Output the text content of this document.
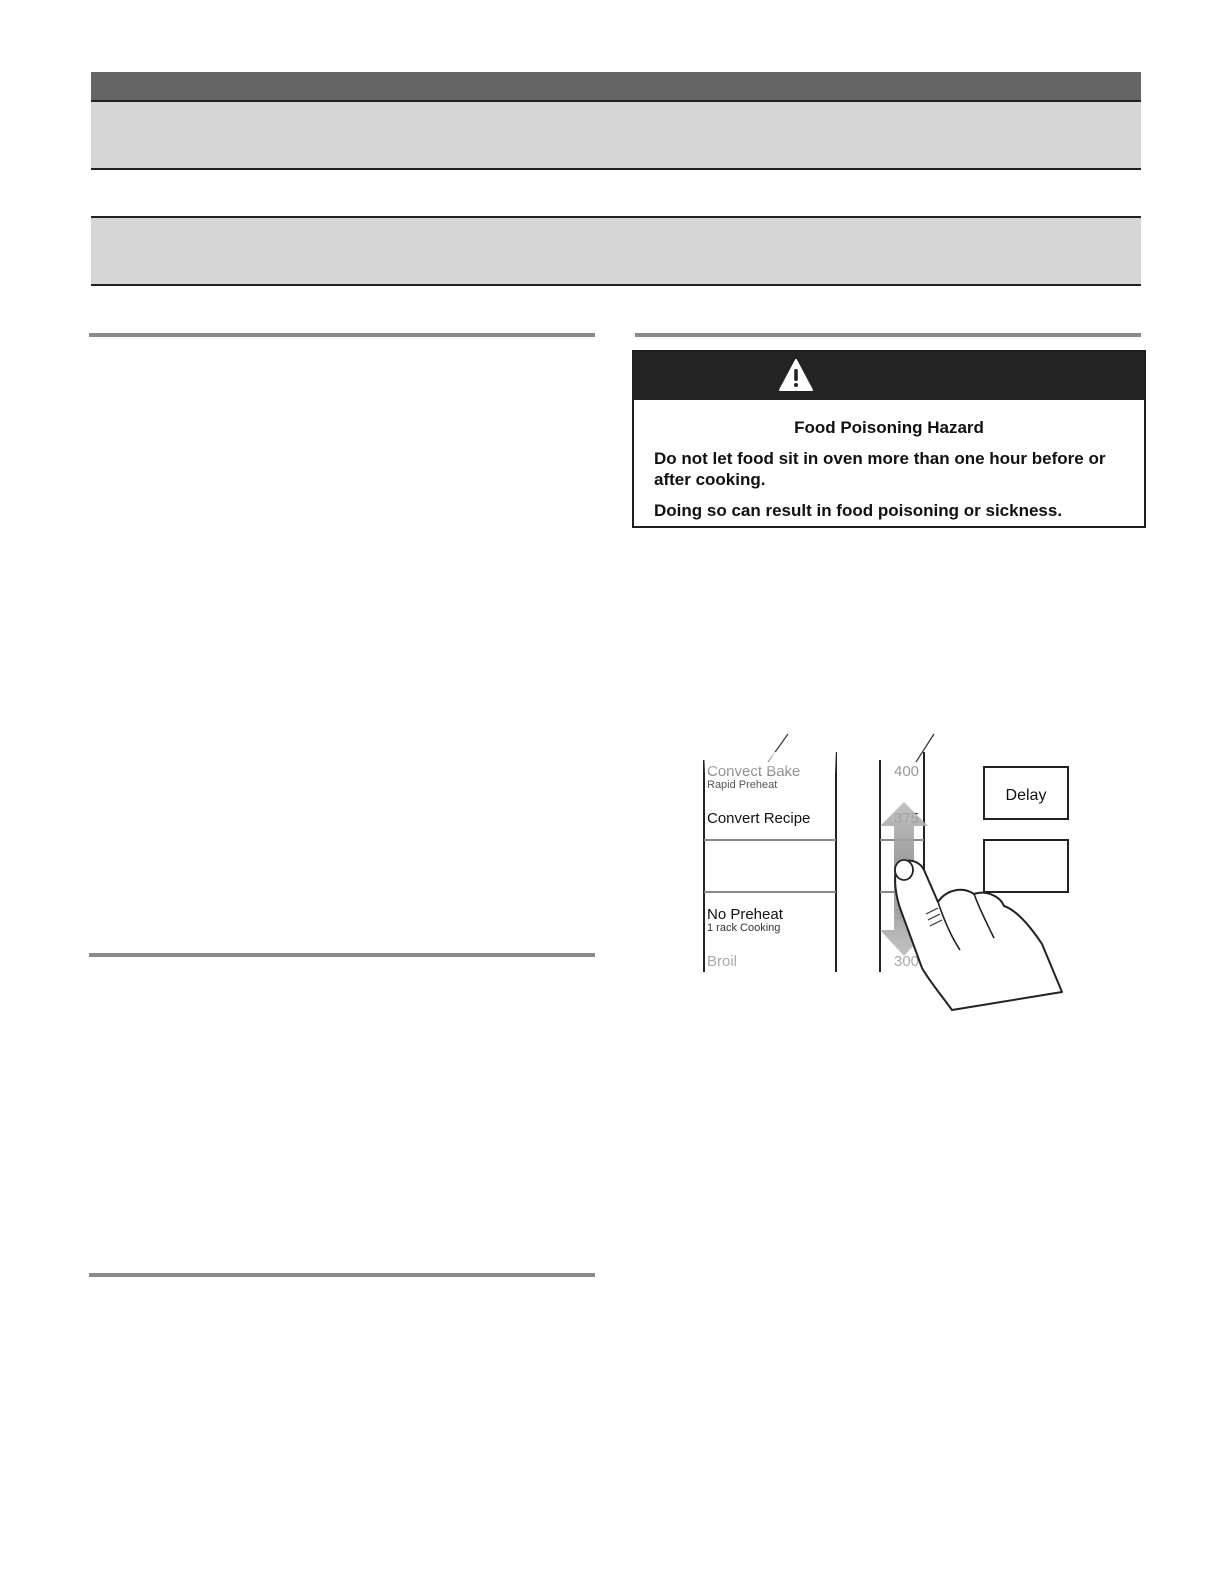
Food Poisoning Hazard
Do not let food sit in oven more than one hour before or after cooking.
Doing so can result in food poisoning or sickness.
Rapid Preheat
Convert Recipe
No Preheat
1 rack Cooking
Broil
400
300
Delay
